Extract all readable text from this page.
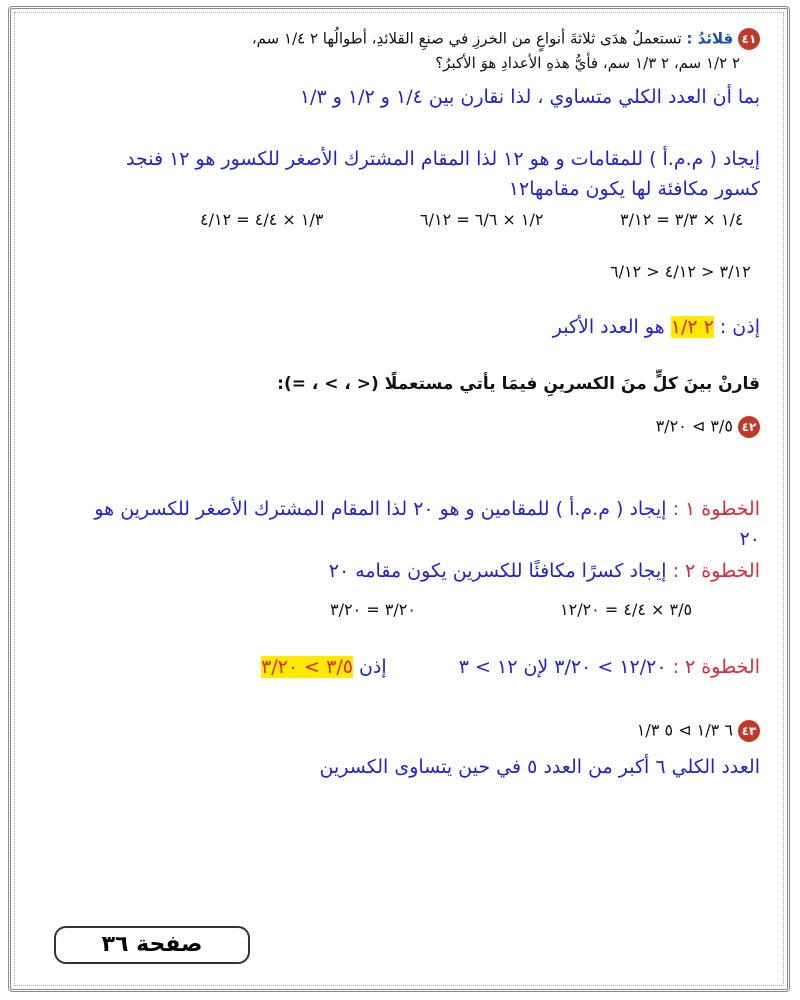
٤١ قلائدُ : تستعملُ هدَى ثلاثةَ أنواعٍ من الخرزِ في صنعِ القلائدِ، أطوالُها ٢ ١/٤ سم،
٢ ١/٢ سم، ٢ ١/٣ سم، فأيُّ هذهِ الأعدادِ هوَ الأكبرُ؟
بما أن العدد الكلي متساوي ، لذا نقارن بين ١/٤ و ١/٢ و ١/٣
إيجاد ( م.م.أ ) للمقامات و هو ١٢ لذا المقام المشترك الأصغر للكسور هو ١٢ فنجد
كسور مكافئة لها يكون مقامها١٢
١/٤ × ٣/٣ = ٣/١٢
١/٢ × ٦/٦ = ٦/١٢
١/٣ × ٤/٤ = ٤/١٢
٣/١٢ < ٤/١٢ < ٦/١٢
إذن : ٢ ١/٢ هو العدد الأكبر
قارنْ بينَ كلٍّ منَ الكسرينِ فيمَا يأتي مستعملًا (< ، > ، =):
٤٢ ٣/٥ ⊳ ٣/٢٠
الخطوة ١ : إيجاد ( م.م.أ ) للمقامين و هو ٢٠ لذا المقام المشترك الأصغر للكسرين هو
٢٠
الخطوة ٢ : إيجاد كسرًا مكافئًا للكسرين يكون مقامه ٢٠
٣/٥ × ٤/٤ = ١٢/٢٠
٣/٢٠ = ٣/٢٠
الخطوة ٢ : ١٢/٢٠ > ٣/٢٠ لإن ١٢ > ٣  إذن ٣/٥ > ٣/٢٠
٤٣ ٦ ١/٣ ⊳ ٥ ١/٣
العدد الكلي ٦ أكبر من العدد ٥ في حين يتساوى الكسرين
صفحة ٣٦
